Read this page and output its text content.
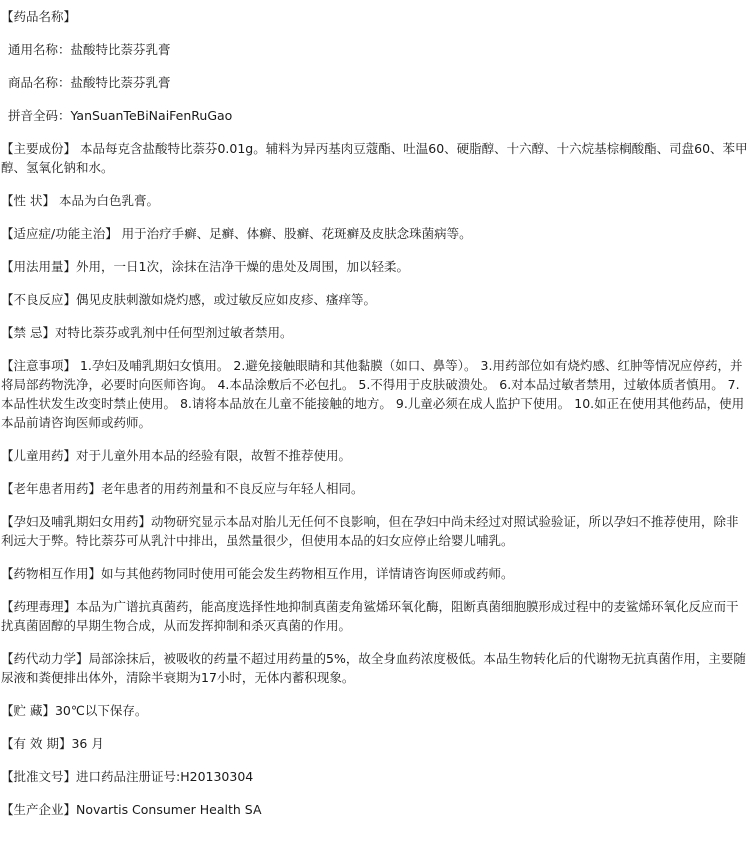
【药品名称】

通用名称：盐酸特比萘芬乳膏

商品名称：盐酸特比萘芬乳膏

拼音全码：YanSuanTeBiNaiFenRuGao

【主要成份】 本品每克含盐酸特比萘芬0.01g。辅料为异丙基肉豆蔻酯、吐温60、硬脂醇、十六醇、十六烷基棕榈酸酯、司盘60、苯甲醇、氢氧化钠和水。

【性 状】 本品为白色乳膏。

【适应症/功能主治】 用于治疗手癣、足癣、体癣、股癣、花斑癣及皮肤念珠菌病等。

【用法用量】外用，一日1次，涂抹在洁净干燥的患处及周围，加以轻柔。

【不良反应】偶见皮肤刺激如烧灼感，或过敏反应如皮疹、瘙痒等。

【禁 忌】对特比萘芬或乳剂中任何型剂过敏者禁用。

【注意事项】 1.孕妇及哺乳期妇女慎用。 2.避免接触眼睛和其他黏膜（如口、鼻等）。 3.用药部位如有烧灼感、红肿等情况应停药，并将局部药物洗净，必要时向医师咨询。 4.本品涂敷后不必包扎。 5.不得用于皮肤破溃处。 6.对本品过敏者禁用，过敏体质者慎用。 7.本品性状发生改变时禁止使用。 8.请将本品放在儿童不能接触的地方。 9.儿童必须在成人监护下使用。 10.如正在使用其他药品，使用本品前请咨询医师或药师。

【儿童用药】对于儿童外用本品的经验有限，故暂不推荐使用。

【老年患者用药】老年患者的用药剂量和不良反应与年轻人相同。

【孕妇及哺乳期妇女用药】动物研究显示本品对胎儿无任何不良影响，但在孕妇中尚未经过对照试验验证，所以孕妇不推荐使用，除非利远大于弊。特比萘芬可从乳汁中排出，虽然量很少，但使用本品的妇女应停止给婴儿哺乳。

【药物相互作用】如与其他药物同时使用可能会发生药物相互作用，详情请咨询医师或药师。

【药理毒理】本品为广谱抗真菌药，能高度选择性地抑制真菌麦角鲨烯环氧化酶，阻断真菌细胞膜形成过程中的麦鲨烯环氧化反应而干扰真菌固醇的早期生物合成，从而发挥抑制和杀灭真菌的作用。

【药代动力学】局部涂抹后，被吸收的药量不超过用药量的5%，故全身血药浓度极低。本品生物转化后的代谢物无抗真菌作用，主要随尿液和粪便排出体外，清除半衰期为17小时，无体内蓄积现象。

【贮 藏】30℃以下保存。

【有 效 期】36 月

【批准文号】进口药品注册证号:H20130304

【生产企业】Novartis Consumer Health SA
